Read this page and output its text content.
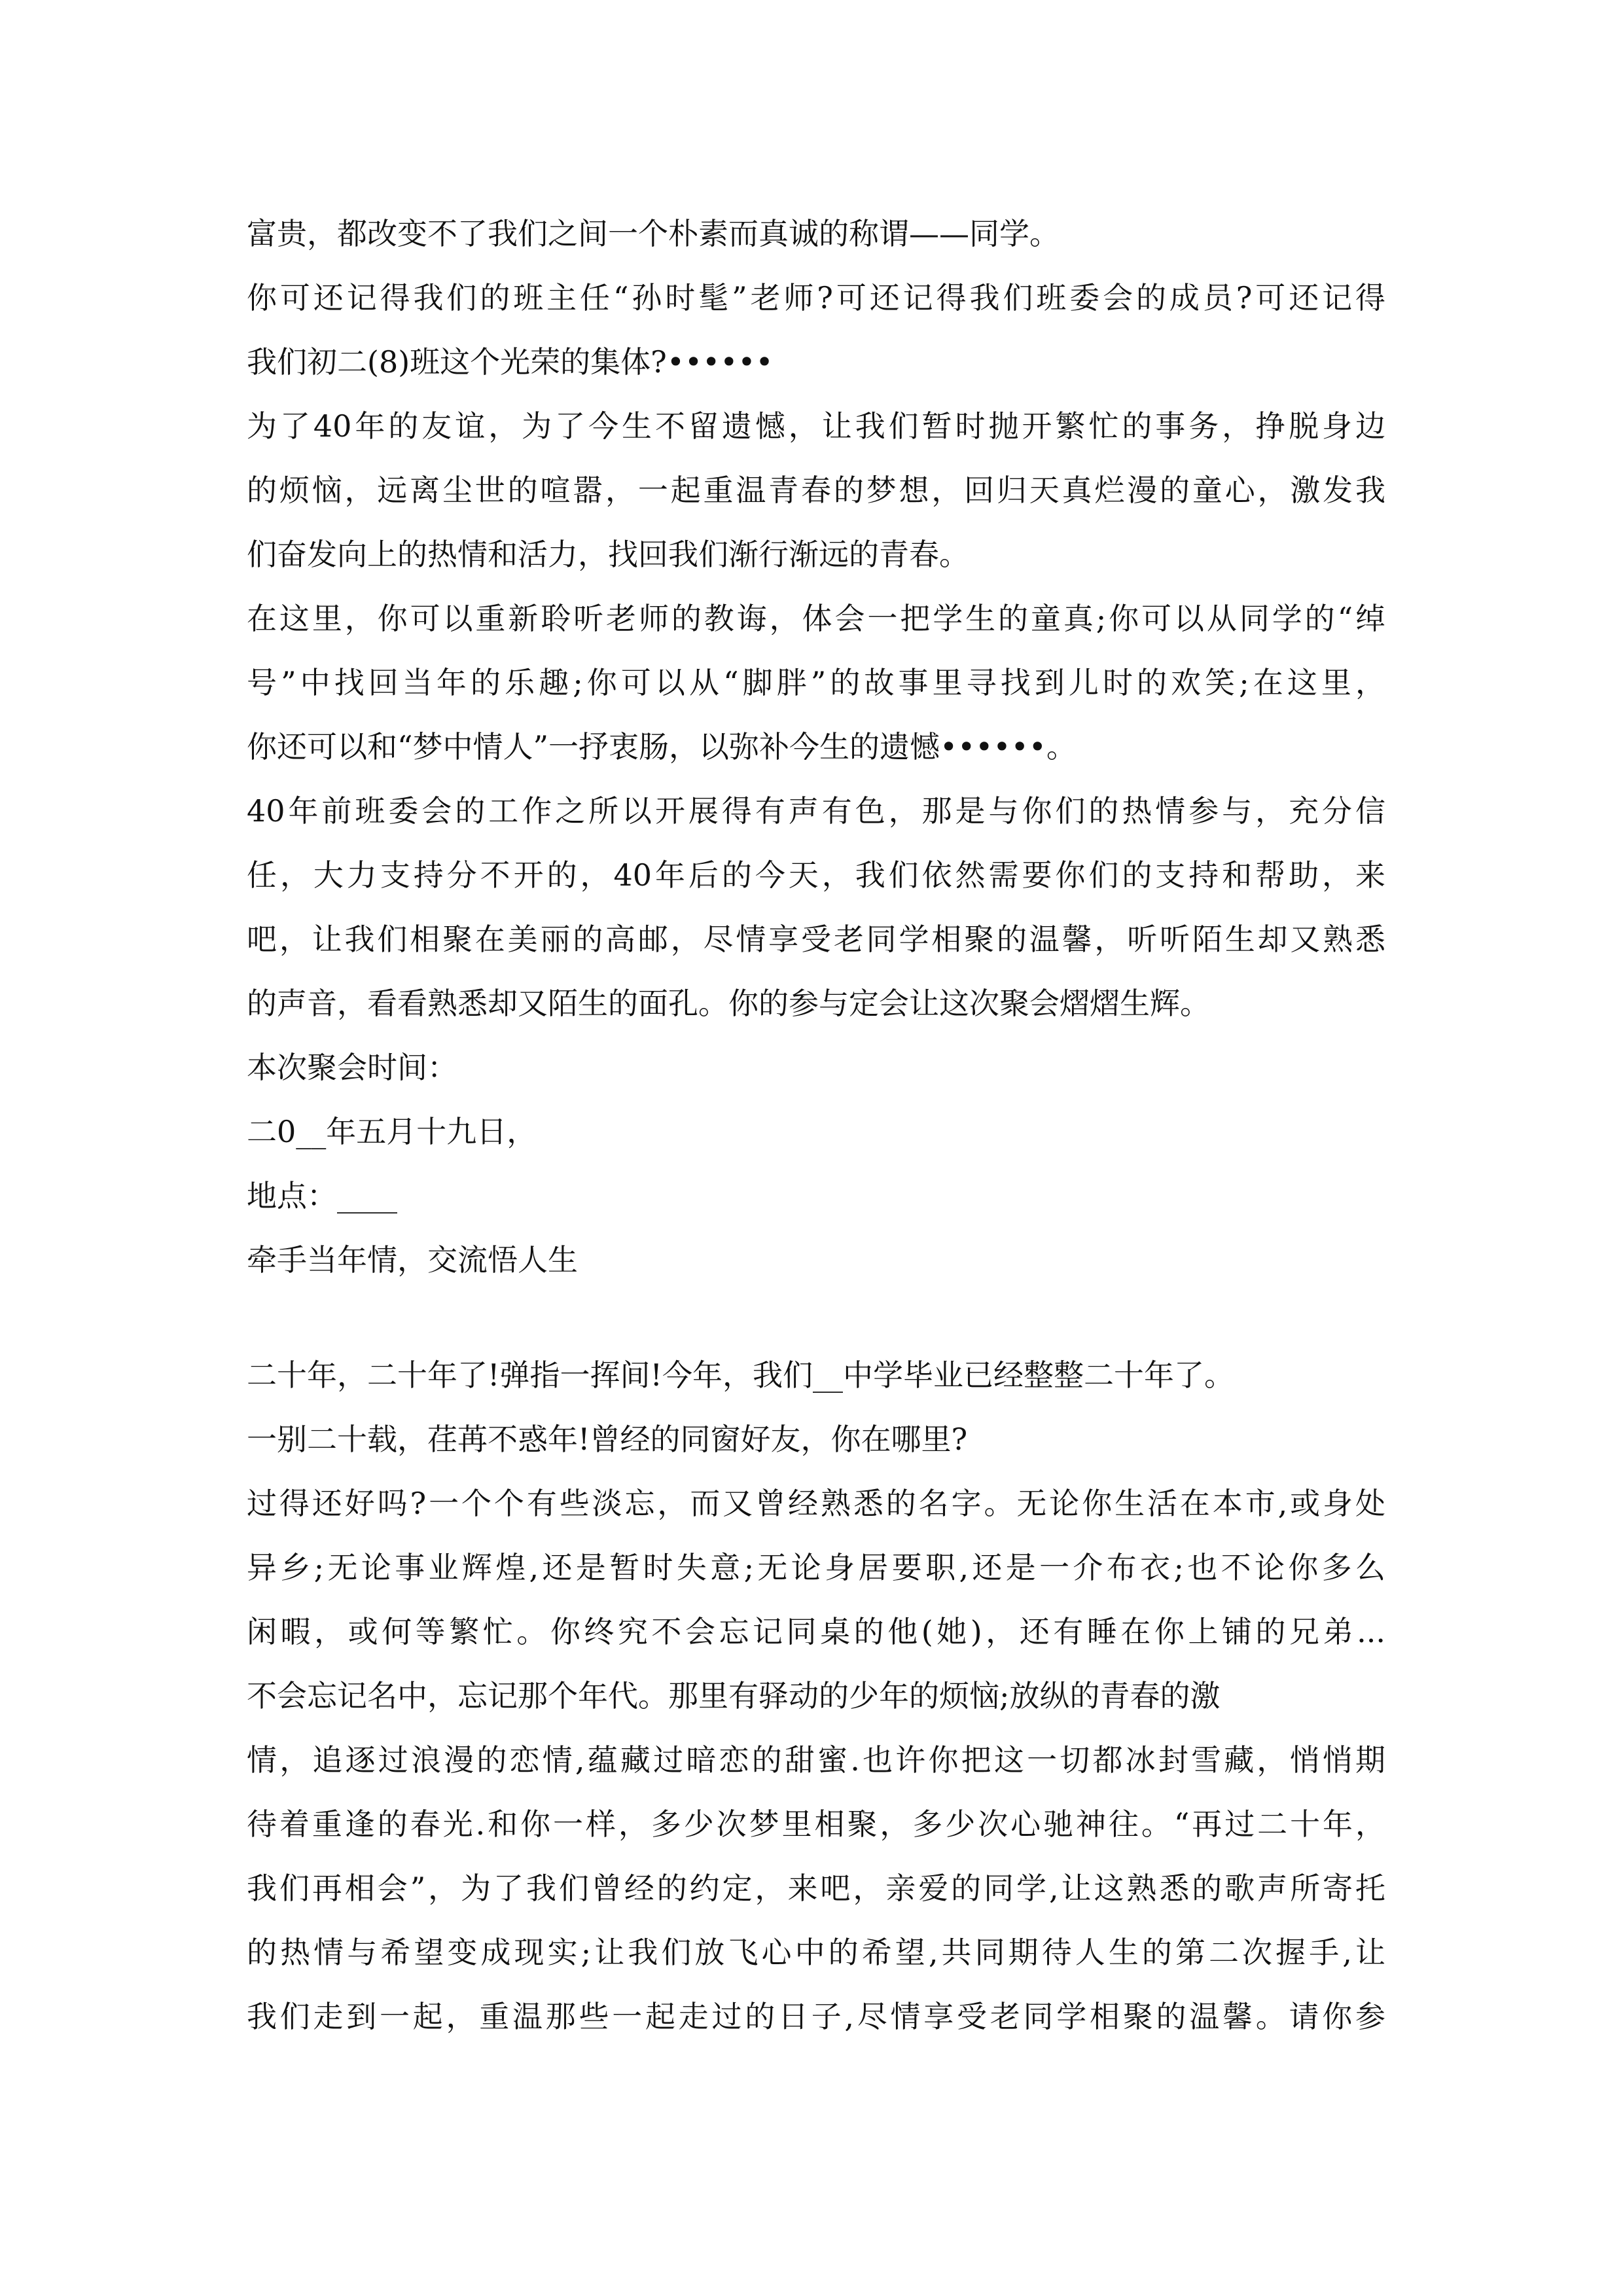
富贵，都改变不了我们之间一个朴素而真诚的称谓——同学。
你可还记得我们的班主任“孙时髦”老师?可还记得我们班委会的成员?可还记得
我们初二(8)班这个光荣的集体?••••••
为了40年的友谊，为了今生不留遗憾，让我们暂时抛开繁忙的事务，挣脱身边
的烦恼，远离尘世的喧嚣，一起重温青春的梦想，回归天真烂漫的童心，激发我
们奋发向上的热情和活力，找回我们渐行渐远的青春。
在这里，你可以重新聆听老师的教诲，体会一把学生的童真;你可以从同学的“绰
号”中找回当年的乐趣;你可以从“脚胖”的故事里寻找到儿时的欢笑;在这里，
你还可以和“梦中情人”一抒衷肠，以弥补今生的遗憾••••••。
40年前班委会的工作之所以开展得有声有色，那是与你们的热情参与，充分信
任，大力支持分不开的，40年后的今天，我们依然需要你们的支持和帮助，来
吧，让我们相聚在美丽的高邮，尽情享受老同学相聚的温馨，听听陌生却又熟悉
的声音，看看熟悉却又陌生的面孔。你的参与定会让这次聚会熠熠生辉。
本次聚会时间：
二0__年五月十九日，
地点：____
牵手当年情，交流悟人生
二十年，二十年了!弹指一挥间!今年，我们__中学毕业已经整整二十年了。
一别二十载，荏苒不惑年!曾经的同窗好友，你在哪里?
过得还好吗?一个个有些淡忘，而又曾经熟悉的名字。无论你生活在本市,或身处
异乡;无论事业辉煌,还是暂时失意;无论身居要职,还是一介布衣;也不论你多么
闲暇，或何等繁忙。你终究不会忘记同桌的他(她)，还有睡在你上铺的兄弟...
不会忘记名中，忘记那个年代。那里有驿动的少年的烦恼;放纵的青春的激
情，追逐过浪漫的恋情,蕴藏过暗恋的甜蜜.也许你把这一切都冰封雪藏，悄悄期
待着重逢的春光.和你一样，多少次梦里相聚，多少次心驰神往。“再过二十年，
我们再相会”，为了我们曾经的约定，来吧，亲爱的同学,让这熟悉的歌声所寄托
的热情与希望变成现实;让我们放飞心中的希望,共同期待人生的第二次握手,让
我们走到一起，重温那些一起走过的日子,尽情享受老同学相聚的温馨。请你参
